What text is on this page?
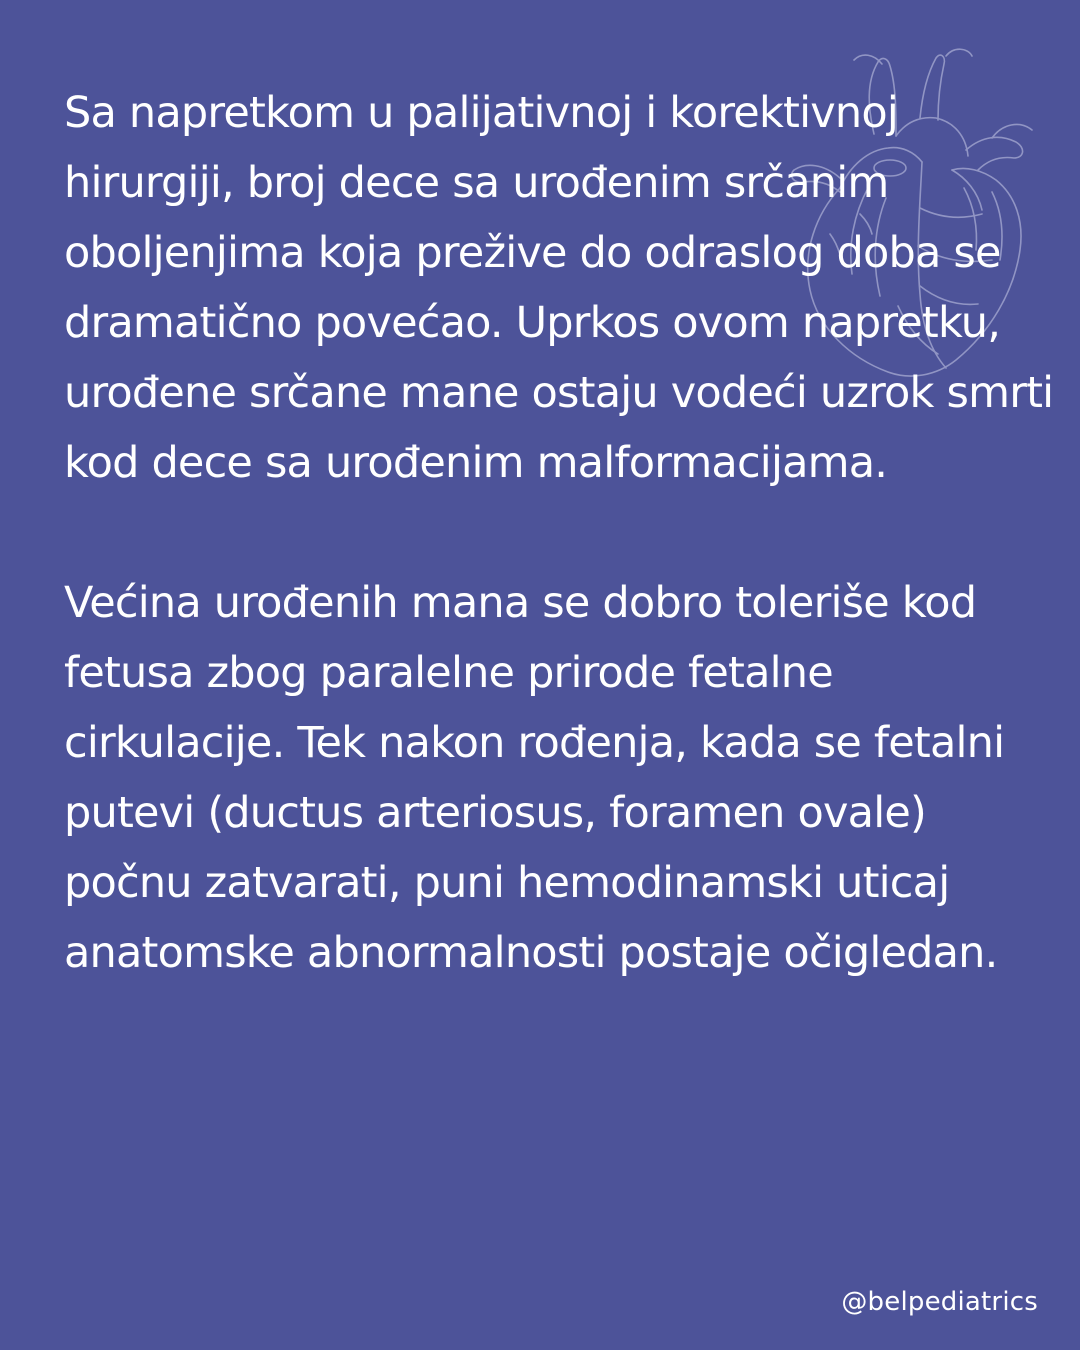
Sa napretkom u palijativnoj i korektivnoj hirurgiji, broj dece sa urođenim srčanim oboljenjima koja prežive do odraslog doba se dramatično povećao. Uprkos ovom napretku, urođene srčane mane ostaju vodeći uzrok smrti kod dece sa urođenim malformacijama.

Većina urođenih mana se dobro toleriše kod fetusa zbog paralelne prirode fetalne cirkulacije. Tek nakon rođenja, kada se fetalni putevi (ductus arteriosus, foramen ovale) počnu zatvarati, puni hemodinamski uticaj anatomske abnormalnosti postaje očigledan.

@belpediatrics
